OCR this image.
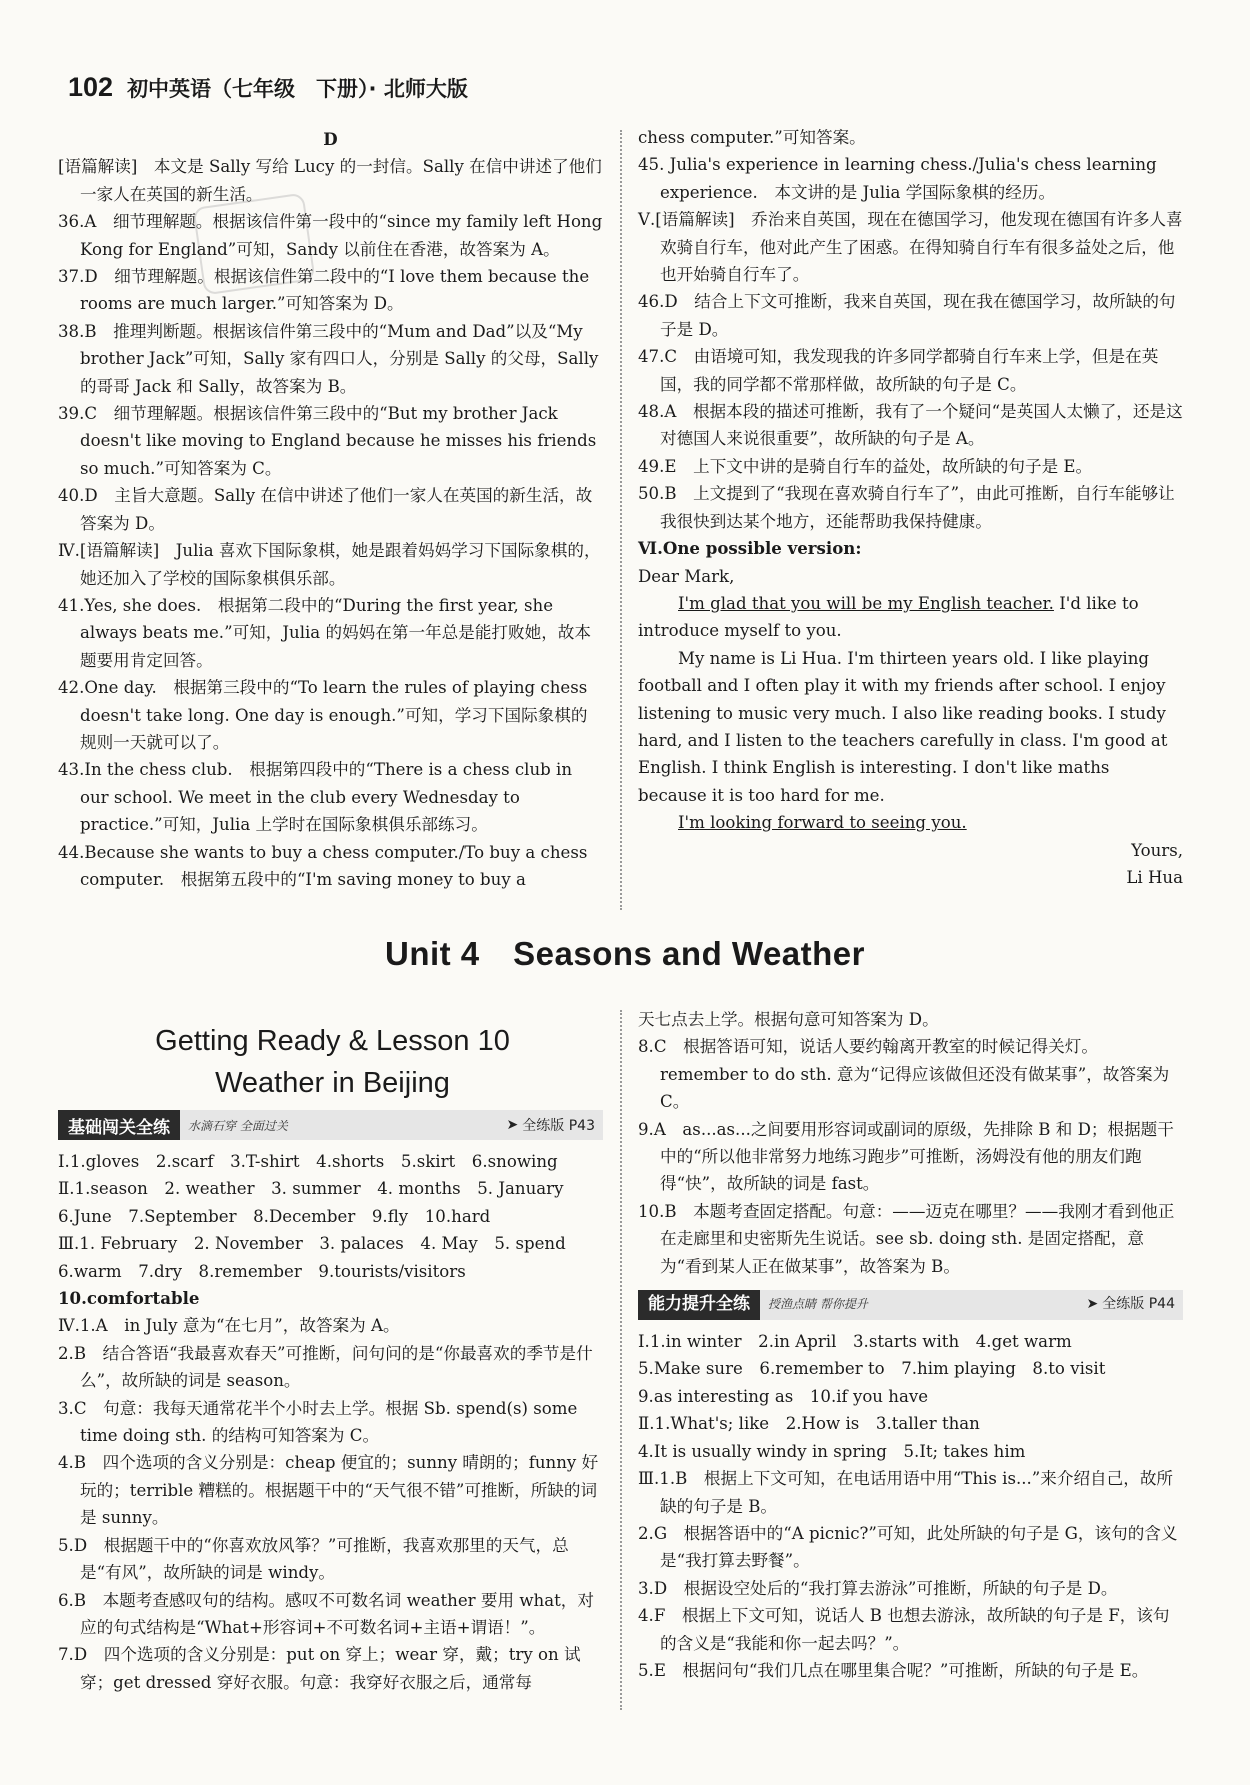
102 初中英语（七年级　下册）· 北师大版

D

[语篇解读]　本文是 Sally 写给 Lucy 的一封信。Sally 在信中讲述了他们一家人在英国的新生活。

36.A　细节理解题。根据该信件第一段中的“since my family left Hong Kong for England”可知，Sandy 以前住在香港，故答案为 A。

37.D　细节理解题。根据该信件第二段中的“I love them because the rooms are much larger.”可知答案为 D。

38.B　推理判断题。根据该信件第三段中的“Mum and Dad”以及“My brother Jack”可知，Sally 家有四口人，分别是 Sally 的父母，Sally 的哥哥 Jack 和 Sally，故答案为 B。

39.C　细节理解题。根据该信件第三段中的“But my brother Jack doesn't like moving to England because he misses his friends so much.”可知答案为 C。

40.D　主旨大意题。Sally 在信中讲述了他们一家人在英国的新生活，故答案为 D。

Ⅳ.[语篇解读]　Julia 喜欢下国际象棋，她是跟着妈妈学习下国际象棋的，她还加入了学校的国际象棋俱乐部。

41.Yes, she does.　根据第二段中的“During the first year, she always beats me.”可知，Julia 的妈妈在第一年总是能打败她，故本题要用肯定回答。

42.One day.　根据第三段中的“To learn the rules of playing chess doesn't take long. One day is enough.”可知，学习下国际象棋的规则一天就可以了。

43.In the chess club.　根据第四段中的“There is a chess club in our school. We meet in the club every Wednesday to practice.”可知，Julia 上学时在国际象棋俱乐部练习。

44.Because she wants to buy a chess computer./To buy a chess computer.　根据第五段中的“I'm saving money to buy a

chess computer.”可知答案。

45. Julia's experience in learning chess./Julia's chess learning experience.　本文讲的是 Julia 学国际象棋的经历。

Ⅴ.[语篇解读]　乔治来自英国，现在在德国学习，他发现在德国有许多人喜欢骑自行车，他对此产生了困惑。在得知骑自行车有很多益处之后，他也开始骑自行车了。

46.D　结合上下文可推断，我来自英国，现在我在德国学习，故所缺的句子是 D。

47.C　由语境可知，我发现我的许多同学都骑自行车来上学，但是在英国，我的同学都不常那样做，故所缺的句子是 C。

48.A　根据本段的描述可推断，我有了一个疑问“是英国人太懒了，还是这对德国人来说很重要”，故所缺的句子是 A。

49.E　上下文中讲的是骑自行车的益处，故所缺的句子是 E。

50.B　上文提到了“我现在喜欢骑自行车了”，由此可推断，自行车能够让我很快到达某个地方，还能帮助我保持健康。

Ⅵ.One possible version:

Dear Mark,

I'm glad that you will be my English teacher. I'd like to introduce myself to you.

My name is Li Hua. I'm thirteen years old. I like playing football and I often play it with my friends after school. I enjoy listening to music very much. I also like reading books. I study hard, and I listen to the teachers carefully in class. I'm good at English. I think English is interesting. I don't like maths because it is too hard for me.

I'm looking forward to seeing you.

Yours,

Li Hua

Unit 4　Seasons and Weather
Getting Ready & Lesson 10
Weather in Beijing
基础闯关全练	水滴石穿 全面过关	➤ 全练版 P43

Ⅰ.1.gloves　2.scarf　3.T-shirt　4.shorts　5.skirt　6.snowing

Ⅱ.1.season　2. weather　3. summer　4. months　5. January

6.June　7.September　8.December　9.fly　10.hard

Ⅲ.1. February　2. November　3. palaces　4. May　5. spend

6.warm　7.dry　8.remember　9.tourists/visitors

10.comfortable

Ⅳ.1.A　in July 意为“在七月”，故答案为 A。

2.B　结合答语“我最喜欢春天”可推断，问句问的是“你最喜欢的季节是什么”，故所缺的词是 season。

3.C　句意：我每天通常花半个小时去上学。根据 Sb. spend(s) some time doing sth. 的结构可知答案为 C。

4.B　四个选项的含义分别是：cheap 便宜的；sunny 晴朗的；funny 好玩的；terrible 糟糕的。根据题干中的“天气很不错”可推断，所缺的词是 sunny。

5.D　根据题干中的“你喜欢放风筝？”可推断，我喜欢那里的天气，总是“有风”，故所缺的词是 windy。

6.B　本题考查感叹句的结构。感叹不可数名词 weather 要用 what，对应的句式结构是“What+形容词+不可数名词+主语+谓语！”。

7.D　四个选项的含义分别是：put on 穿上；wear 穿，戴；try on 试穿；get dressed 穿好衣服。句意：我穿好衣服之后，通常每

天七点去上学。根据句意可知答案为 D。

8.C　根据答语可知，说话人要约翰离开教室的时候记得关灯。remember to do sth. 意为“记得应该做但还没有做某事”，故答案为 C。

9.A　as...as...之间要用形容词或副词的原级，先排除 B 和 D；根据题干中的“所以他非常努力地练习跑步”可推断，汤姆没有他的朋友们跑得“快”，故所缺的词是 fast。

10.B　本题考查固定搭配。句意：——迈克在哪里？——我刚才看到他正在走廊里和史密斯先生说话。see sb. doing sth. 是固定搭配，意为“看到某人正在做某事”，故答案为 B。

能力提升全练	授渔点睛 帮你提升	➤ 全练版 P44

Ⅰ.1.in winter　2.in April　3.starts with　4.get warm

5.Make sure　6.remember to　7.him playing　8.to visit

9.as interesting as　10.if you have

Ⅱ.1.What's; like　2.How is　3.taller than

4.It is usually windy in spring　5.It; takes him

Ⅲ.1.B　根据上下文可知，在电话用语中用“This is...”来介绍自己，故所缺的句子是 B。

2.G　根据答语中的“A picnic?”可知，此处所缺的句子是 G，该句的含义是“我打算去野餐”。

3.D　根据设空处后的“我打算去游泳”可推断，所缺的句子是 D。

4.F　根据上下文可知，说话人 B 也想去游泳，故所缺的句子是 F，该句的含义是“我能和你一起去吗？”。

5.E　根据问句“我们几点在哪里集合呢？”可推断，所缺的句子是 E。
